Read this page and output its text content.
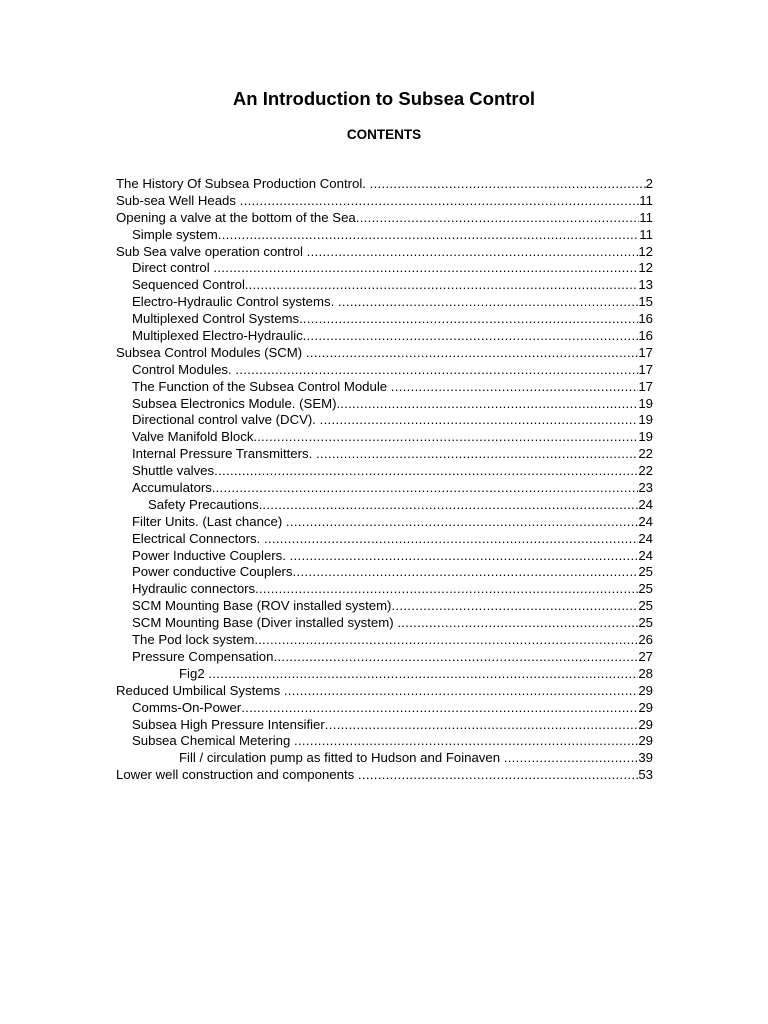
An Introduction to Subsea Control
CONTENTS
The History Of Subsea Production Control. .....	2
Sub-sea Well Heads .....	11
Opening a valve at the bottom of the Sea .....	11
Simple system .....	11
Sub Sea valve operation control .....	12
Direct control .....	12
Sequenced Control. .....	13
Electro-Hydraulic Control systems. .....	15
Multiplexed Control Systems. .....	16
Multiplexed Electro-Hydraulic. .....	16
Subsea Control Modules (SCM) .....	17
Control Modules. .....	17
The Function of the Subsea Control Module .....	17
Subsea Electronics Module. (SEM). .....	19
Directional control valve (DCV). .....	19
Valve Manifold Block. .....	19
Internal Pressure Transmitters. .....	22
Shuttle valves .....	22
Accumulators. .....	23
Safety Precautions. .....	24
Filter Units. (Last chance) .....	24
Electrical Connectors. .....	24
Power Inductive Couplers. .....	24
Power conductive Couplers .....	25
Hydraulic connectors. .....	25
SCM Mounting Base (ROV installed system) .....	25
SCM Mounting Base (Diver installed system) .....	25
The Pod lock system. .....	26
Pressure Compensation .....	27
Fig2 .....	28
Reduced Umbilical Systems .....	29
Comms-On-Power .....	29
Subsea High Pressure Intensifier .....	29
Subsea Chemical Metering .....	29
Fill / circulation pump as fitted to Hudson and Foinaven .....	39
Lower well construction and components .....	53
